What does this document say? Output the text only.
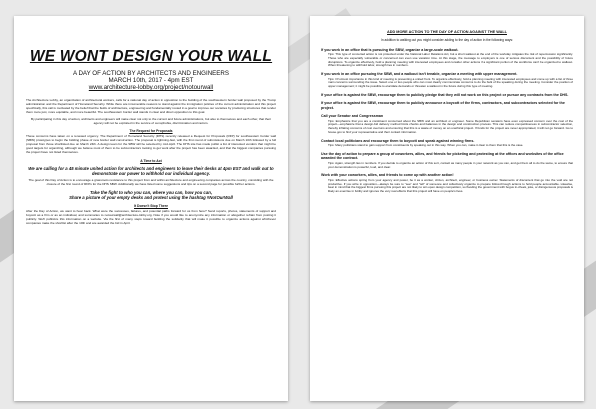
WE WONT DESIGN YOUR WALL
A DAY OF ACTION BY ARCHITECTS AND ENGINEERS
MARCH 10th, 2017 - 4pm EST
www.architecture-lobby.org/project/notourwall

The Architecture Lobby, an organization of architectural workers, calls for a national day of action in opposition to the building of the southwestern border wall proposed by the Trump administration and the Department of Homeland Security. While there are innumerable reasons to stand against the immigration policies of the current administration and this project specifically, this call is motivated by the belief that the fields of architecture, engineering and fundamentally rooted in a goal to improve our societies by producing structures that render them more just, more equitable, and more beautiful. The southwestern border wall stands in clear and direct opposition to this goal.

By participating in this day of action, architects and engineers will make clear not only to the current and future administrations, but also to themselves and each other, that their agency will not be exploited in the service of xenophobia, discrimination and racism.

The Request for Proposals

These concerns have taken on a renewed urgency. The Department of Homeland Security (DHS) recently released a Request for Proposals (RFP) for southwestern border wall (SBW) prototypes to begin the bidding phase of new border wall construction. The proposal is lightning-fast, with the first round of submissions due on March 10th followed by a full proposal from those shortlisted due on March 24th. A design team for the SBW will be selected by mid-April. The DHS site has made public a list of interested vendors that might be good targets for organizing, although we believe most of them to be subcontractors looking to get work after the project has been awarded, and that the biggest companies pursuing the project have not listed themselves.

A Time to Act
We are calling for a 45 minute united action for architects and engineers to leave their desks at 4pm EST and walk out to demonstrate our power to withhold our individual agency.

The goal of this Day of Action is to encourage a grassroots resistance to this project from and within architecture and engineering companies across the country, coinciding with the closure of the first round of RFPs for the DHS SBW. Additionally we have listed some suggestions and tips on a second page for possible further actions.

Take the fight to who you can, where you can, how you can,
Share a picture of your empty desks and protest using the hashtag #NotOurWall
It Doesn't Stop There

After the Day of Action, we want to hear back. What were the successes, failures, and potential paths forward for us from here? Send reports, photos, statements of support and boycott as a firm or as an individual, and summaries to notourwall@architecture-lobby.org. Note if you would like to anonymize any information or altogether refrain from posting it publicly. We'll publicize this information on a website. Via the first of many steps toward building the solidarity that will make it possible to organize actions against whichever companies make the shortlist after the 10th and are awarded the bid in April.

ADD MORE ACTION TO THE DAY OF ACTION AGAINST THE WALL
In addition to walking out you might consider adding to the day of action in the following ways:
If you work in an office that is pursuing the SBW, organize a large-scale walkout.
Tips: This type of concerted action is not protected under the National Labor Relations Act, but a short walkout at the end of the workday mitigates the risk of repercussion significantly. Those who are especially vulnerable or concerned can even use vacation time. At this stage, the message to employers is one of serious discontent and the possibility of future disruptions. To organize effectively, hold a planning meeting with interested employees and consider other actions if a significant portion of the workforce can't be organized to walkout. When threatening to withhold labor, strength lies in numbers.
If you work in an office pursuing the SBW, and a walkout isn't tenable, organize a meeting with upper management.
Tips: Of utmost importance in this kind of meeting is presenting a united front. To organize effectively, hold a planning meeting with interested employees and come up with a list of three main concerns surrounding the issue. Select one or two people who can most clearly communicate concerns to do the bulk of the speaking during the meeting. Consider the position of upper management; it might be possible to elucidate demands or threaten a walkout in the future during this type of meeting.
If your office is against the SBW, encourage them to publicly pledge that they will not work on this project or pursue any contracts from the DHS.
If your office is against the SBW, encourage them to publicly announce a boycott of the firms, contractors, and subcontractors selected for the project.
Call your Senator and Congressman
Tips: Emphasize that you are a constituent concerned about the SBW and an architect or engineer. Some Republican senators have even expressed concern over the cost of the project—emphasize that a design-bid delivery method limits checks and balances in the design and construction process. This can reduce competitiveness in subcontractor selection, thereby inflating concerns of cost overruns and ensuring that this is a waste of money on an unethical project. If funds for the project are never appropriated, it will not go forward. Go to house.gov to find your representative and their contact information.
Contact local politicians and encourage them to boycott and speak against winning firms.
Tips: Many politicians stand to gain support from constituents by speaking out in this way. When you can, make it clear to them that this is the case.
Use the day of action to prepare a group of coworkers, allies, and friends for picketing and protesting at the offices and worksites of the office awarded the contract.
Tips: Again, strength lies in numbers. If you decide to organize an action of this sort, contact as many people in your network as you can, and get them all to do the same, to ensure that your demonstration is powerful, loud, and clear.
Work with your coworkers, allies, and friends to come up with another action!
Tips: Effective actions spring from your agency and power, be it as a worker, citizen, architect, engineer, or business owner. Statements of discontent that go into the void are not productive. If you write in opposition—always be sure to "see" and "tell" of someone and collectively organize to prepare follow-through actions to hold people accountable. Likewise, bear in mind that the biggest firms pursuing this project are not likely to win open design competition, so flooding the government with bogus in-cheek, joke, or disingenuous proposals is likely an exercise in futility and ignores the very real effects that this project will have on people's lives.
